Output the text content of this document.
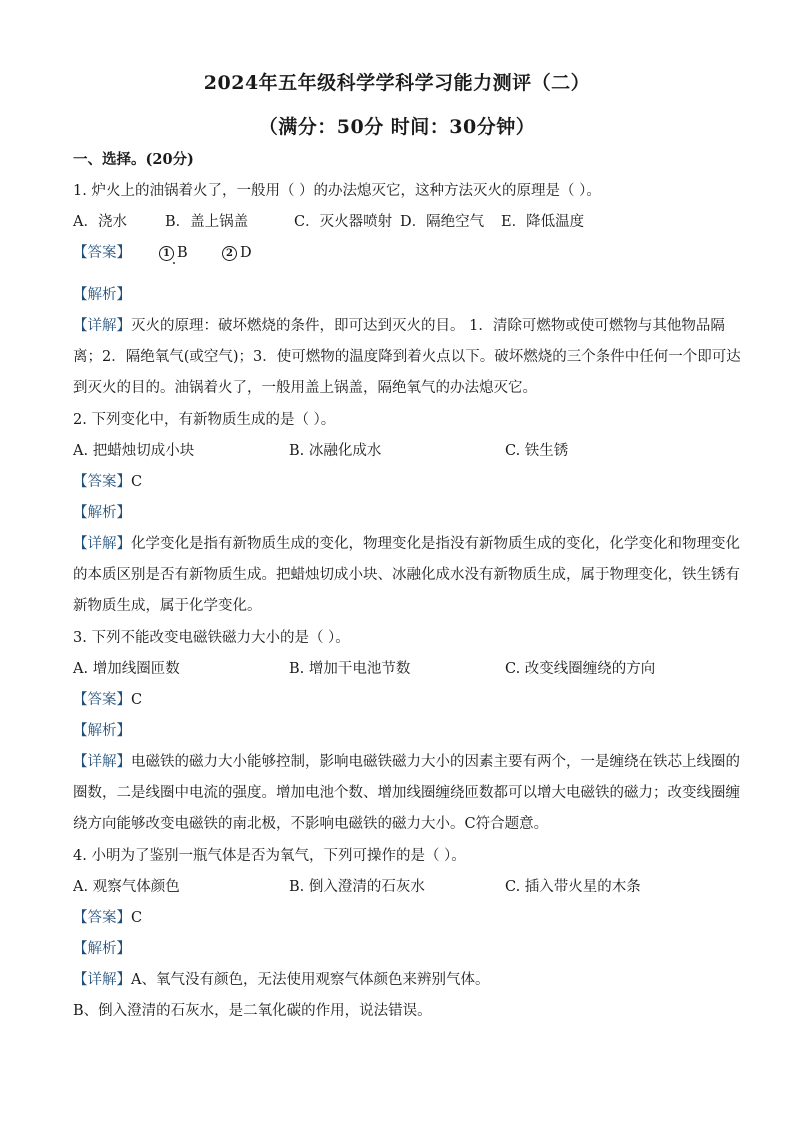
2024年五年级科学学科学习能力测评（二）
（满分：50分 时间：30分钟）
一、选择。(20分)
1. 炉火上的油锅着火了，一般用（ ）的办法熄灭它，这种方法灭火的原理是（ ）。
A．浇水	B．盖上锅盖	C．灭火器喷射 D．隔绝空气 E．降低温度
【答案】	1 B	2 D
【解析】
【详解】灭火的原理：破坏燃烧的条件，即可达到灭火的目。 1．清除可燃物或使可燃物与其他物品隔
离；2．隔绝氧气(或空气)；3．使可燃物的温度降到着火点以下。破坏燃烧的三个条件中任何一个即可达
到灭火的目的。油锅着火了，一般用盖上锅盖，隔绝氧气的办法熄灭它。
2. 下列变化中，有新物质生成的是（ ）。
A. 把蜡烛切成小块	B. 冰融化成水	C. 铁生锈
【答案】C
【解析】
【详解】化学变化是指有新物质生成的变化，物理变化是指没有新物质生成的变化，化学变化和物理变化
的本质区别是否有新物质生成。把蜡烛切成小块、冰融化成水没有新物质生成，属于物理变化，铁生锈有
新物质生成，属于化学变化。
3. 下列不能改变电磁铁磁力大小的是（ ）。
A. 增加线圈匝数	B. 增加干电池节数	C. 改变线圈缠绕的方向
【答案】C
【解析】
【详解】电磁铁的磁力大小能够控制，影响电磁铁磁力大小的因素主要有两个，一是缠绕在铁芯上线圈的
圈数，二是线圈中电流的强度。增加电池个数、增加线圈缠绕匝数都可以增大电磁铁的磁力；改变线圈缠
绕方向能够改变电磁铁的南北极，不影响电磁铁的磁力大小。C符合题意。
4. 小明为了鉴别一瓶气体是否为氧气，下列可操作的是（ ）。
A. 观察气体颜色	B. 倒入澄清的石灰水	C. 插入带火星的木条
【答案】C
【解析】
【详解】A、氧气没有颜色，无法使用观察气体颜色来辨别气体。
B、倒入澄清的石灰水，是二氧化碳的作用，说法错误。
